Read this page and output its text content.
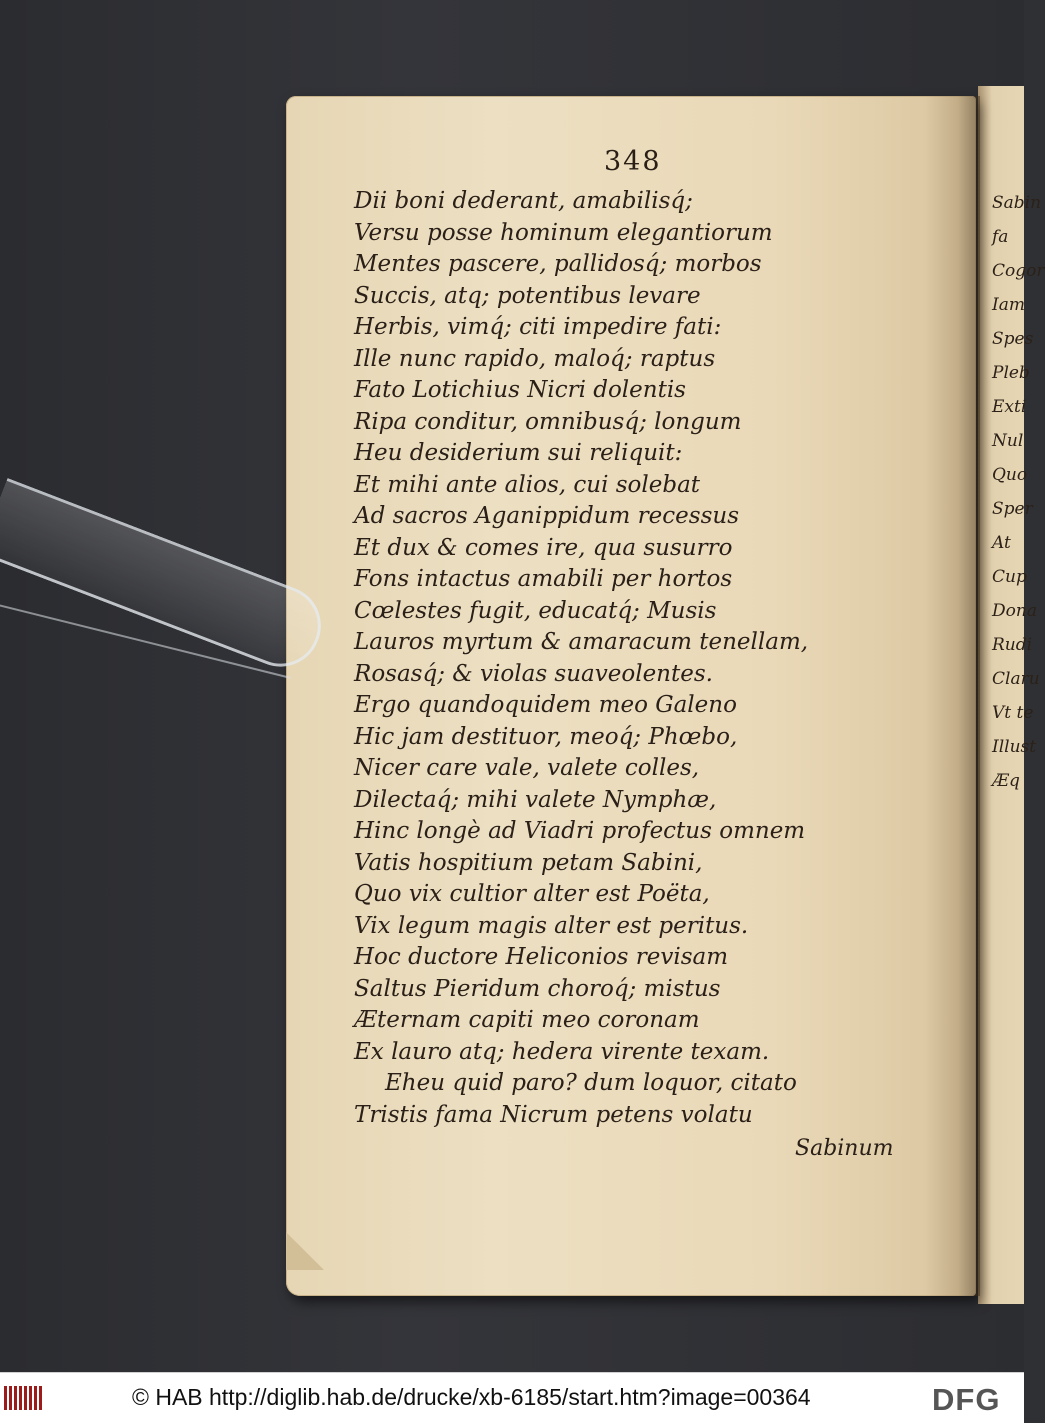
Sabin
fa
Cogor
Iam
Spes
Pleb
Exti
Nul
Quo
Sper
At
Cup
Dona
Rudi
Claru
Vt te
Illust
Æq
348
Dii boni dederant, amabilisq́;
Versu posse hominum elegantiorum
Mentes pascere, pallidosq́; morbos
Succis, atq; potentibus levare
Herbis, vimq́; citi impedire fati:
Ille nunc rapido, maloq́; raptus
Fato Lotichius Nicri dolentis
Ripa conditur, omnibusq́; longum
Heu desiderium sui reliquit:
Et mihi ante alios, cui solebat
Ad sacros Aganippidum recessus
Et dux & comes ire, qua susurro
Fons intactus amabili per hortos
Cœlestes fugit, educatq́; Musis
Lauros myrtum & amaracum tenellam,
Rosasq́; & violas suaveolentes.
Ergo quandoquidem meo Galeno
Hic jam destituor, meoq́; Phœbo,
Nicer care vale, valete colles,
Dilectaq́; mihi valete Nymphæ,
Hinc longè ad Viadri profectus omnem
Vatis hospitium petam Sabini,
Quo vix cultior alter est Poëta,
Vix legum magis alter est peritus.
Hoc ductore Heliconios revisam
Saltus Pieridum choroq́; mistus
Æternam capiti meo coronam
Ex lauro atq; hedera virente texam.
Eheu quid paro? dum loquor, citato
Tristis fama Nicrum petens volatu
Sabinum
© HAB http://diglib.hab.de/drucke/xb-6185/start.htm?image=00364	DFG
